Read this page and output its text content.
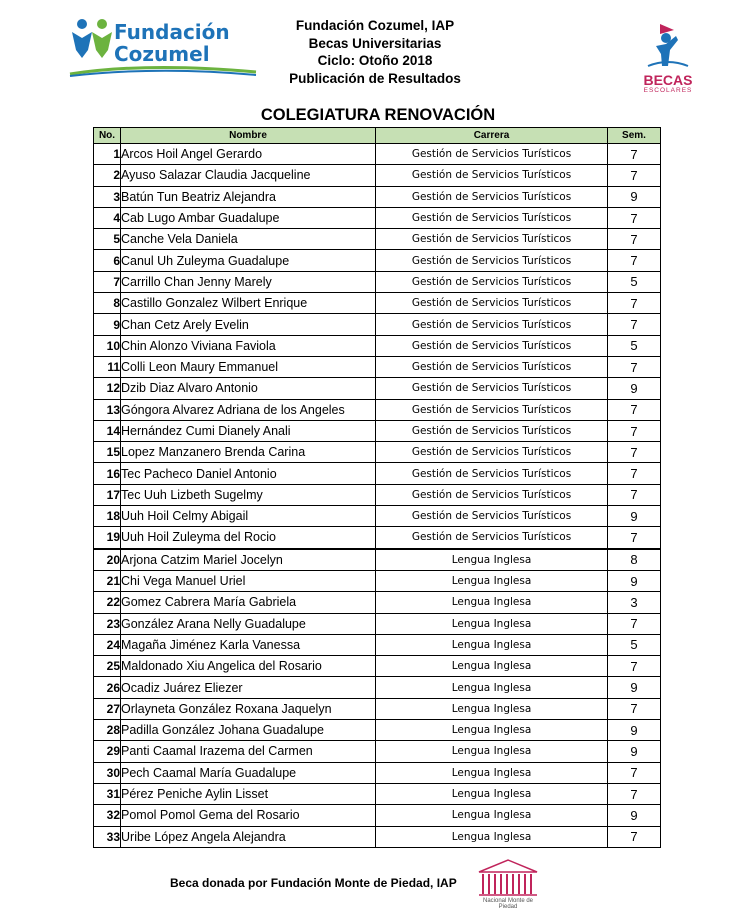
Fundación
Cozumel
Fundación Cozumel, IAP
Becas Universitarias
Ciclo: Otoño 2018
Publicación de Resultados	BECAS
ESCOLARES
COLEGIATURA RENOVACIÓN
No.	Nombre	Carrera	Sem.
1	Arcos Hoil Angel Gerardo	Gestión de Servicios Turísticos	7
2	Ayuso Salazar Claudia Jacqueline	Gestión de Servicios Turísticos	7
3	Batún Tun Beatriz Alejandra	Gestión de Servicios Turísticos	9
4	Cab Lugo Ambar Guadalupe	Gestión de Servicios Turísticos	7
5	Canche Vela Daniela	Gestión de Servicios Turísticos	7
6	Canul Uh Zuleyma Guadalupe	Gestión de Servicios Turísticos	7
7	Carrillo Chan Jenny Marely	Gestión de Servicios Turísticos	5
8	Castillo Gonzalez Wilbert Enrique	Gestión de Servicios Turísticos	7
9	Chan Cetz Arely Evelin	Gestión de Servicios Turísticos	7
10	Chin Alonzo Viviana Faviola	Gestión de Servicios Turísticos	5
11	Colli Leon Maury Emmanuel	Gestión de Servicios Turísticos	7
12	Dzib Diaz Alvaro Antonio	Gestión de Servicios Turísticos	9
13	Góngora Alvarez Adriana de los Angeles	Gestión de Servicios Turísticos	7
14	Hernández Cumi Dianely Anali	Gestión de Servicios Turísticos	7
15	Lopez Manzanero Brenda Carina	Gestión de Servicios Turísticos	7
16	Tec Pacheco Daniel Antonio	Gestión de Servicios Turísticos	7
17	Tec Uuh Lizbeth Sugelmy	Gestión de Servicios Turísticos	7
18	Uuh Hoil Celmy Abigail	Gestión de Servicios Turísticos	9
19	Uuh Hoil Zuleyma del Rocio	Gestión de Servicios Turísticos	7
20	Arjona Catzim Mariel Jocelyn	Lengua Inglesa	8
21	Chi Vega Manuel Uriel	Lengua Inglesa	9
22	Gomez Cabrera María Gabriela	Lengua Inglesa	3
23	González Arana Nelly Guadalupe	Lengua Inglesa	7
24	Magaña Jiménez Karla Vanessa	Lengua Inglesa	5
25	Maldonado Xiu Angelica del Rosario	Lengua Inglesa	7
26	Ocadiz Juárez Eliezer	Lengua Inglesa	9
27	Orlayneta González Roxana Jaquelyn	Lengua Inglesa	7
28	Padilla González Johana Guadalupe	Lengua Inglesa	9
29	Panti Caamal Irazema del Carmen	Lengua Inglesa	9
30	Pech Caamal María Guadalupe	Lengua Inglesa	7
31	Pérez Peniche Aylin Lisset	Lengua Inglesa	7
32	Pomol Pomol Gema del Rosario	Lengua Inglesa	9
33	Uribe López Angela Alejandra	Lengua Inglesa	7
Beca donada por Fundación Monte de Piedad, IAP
Nacional Monte de Piedad
